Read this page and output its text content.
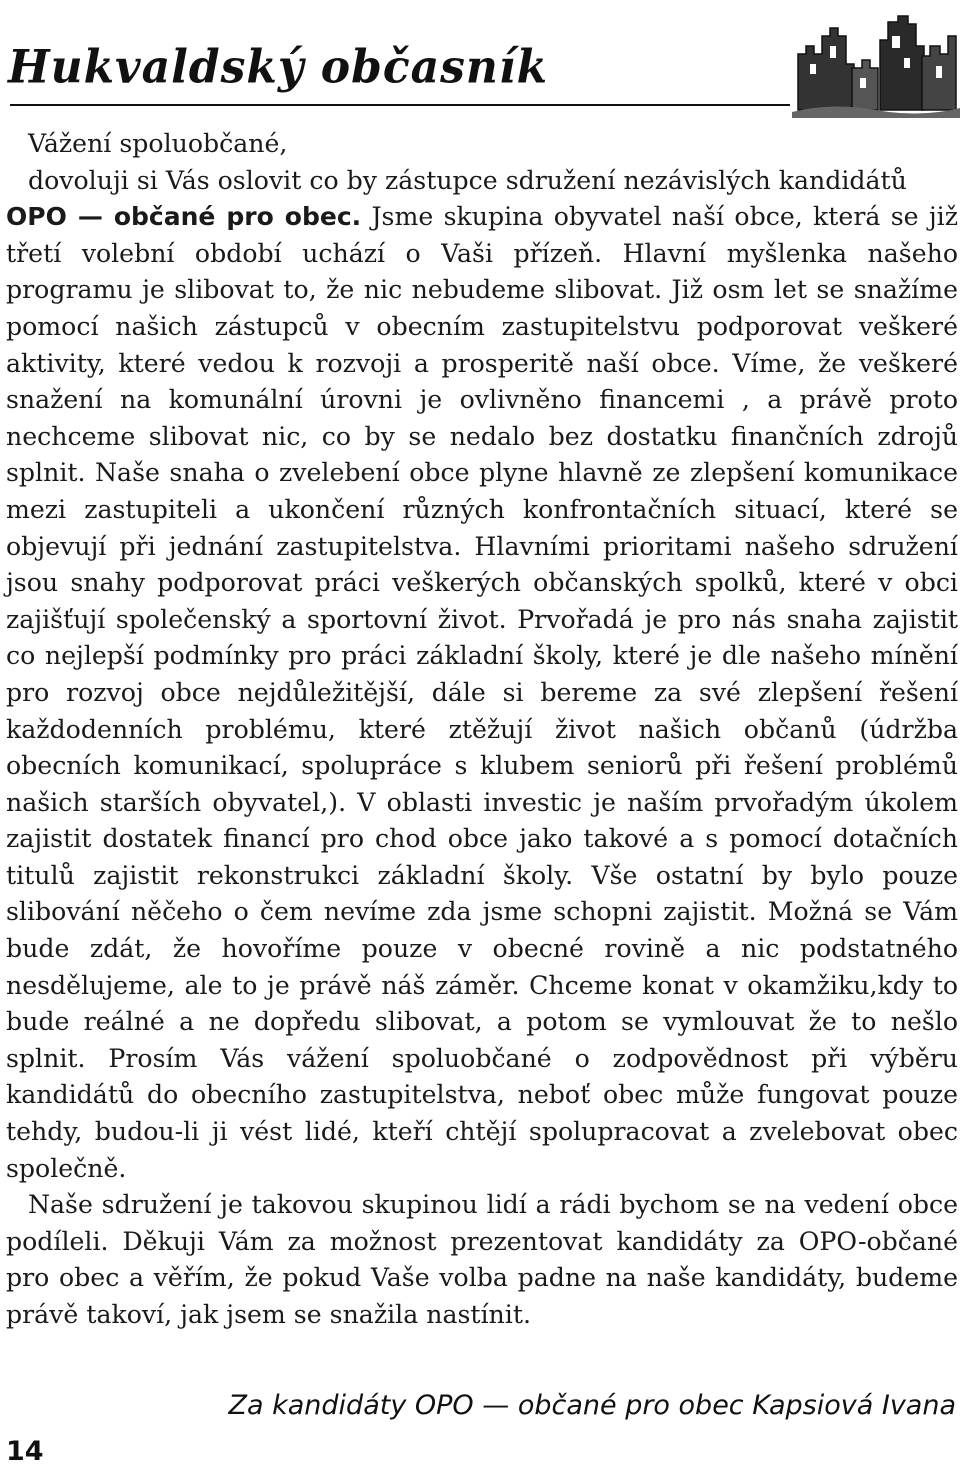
Hukvaldský občasník

Vážení spoluobčané,

dovoluji si Vás oslovit co by zástupce sdružení nezávislých kandidátů
OPO — občané pro obec. Jsme skupina obyvatel naší obce, která se již třetí volební období uchází o Vaši přízeň. Hlavní myšlenka našeho programu je slibovat to, že nic nebudeme slibovat. Již osm let se snažíme pomocí našich zástupců v obecním zastupitelstvu podporovat veškeré aktivity, které vedou k rozvoji a prosperitě naší obce. Víme, že veškeré snažení na komunální úrovni je ovlivněno financemi , a právě proto nechceme slibovat nic, co by se nedalo bez dostatku finančních zdrojů splnit. Naše snaha o zvelebení obce plyne hlavně ze zlepšení komunikace mezi zastupiteli a ukončení různých konfrontačních situací, které se objevují při jednání zastupitelstva. Hlavními prioritami našeho sdružení jsou snahy podporovat práci veškerých občanských spolků, které v obci zajišťují společenský a sportovní život. Prvořadá je pro nás snaha zajistit co nejlepší podmínky pro práci základní školy, které je dle našeho mínění pro rozvoj obce nejdůležitější, dále si bereme za své zlepšení řešení každodenních problému, které ztěžují život našich občanů (údržba obecních komunikací, spolupráce s klubem seniorů při řešení problémů našich starších obyvatel,). V oblasti investic je naším prvořadým úkolem zajistit dostatek financí pro chod obce jako takové a s pomocí dotačních titulů zajistit rekonstrukci základní školy. Vše ostatní by bylo pouze slibování něčeho o čem nevíme zda jsme schopni zajistit. Možná se Vám bude zdát, že hovoříme pouze v obecné rovině a nic podstatného nesdělujeme, ale to je právě náš záměr. Chceme konat v okamžiku,kdy to bude reálné a ne dopředu slibovat, a potom se vymlouvat že to nešlo splnit. Prosím Vás vážení spoluobčané o zodpovědnost při výběru kandidátů do obecního zastupitelstva, neboť obec může fungovat pouze tehdy, budou-li ji vést lidé, kteří chtějí spolupracovat a zvelebovat obec společně.

Naše sdružení je takovou skupinou lidí a rádi bychom se na vedení obce podíleli. Děkuji Vám za možnost prezentovat kandidáty za OPO-občané pro obec a věřím, že pokud Vaše volba padne na naše kandidáty, budeme právě takoví, jak jsem se snažila nastínit.

Za kandidáty OPO — občané pro obec Kapsiová Ivana
14
